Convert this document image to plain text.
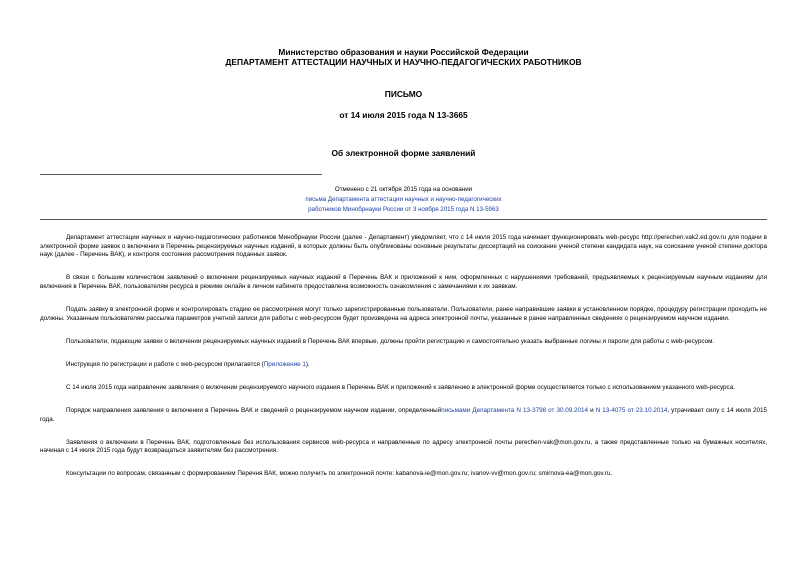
Министерство образования и науки Российской Федерации
ДЕПАРТАМЕНТ АТТЕСТАЦИИ НАУЧНЫХ И НАУЧНО-ПЕДАГОГИЧЕСКИХ РАБОТНИКОВ
ПИСЬМО
от 14 июля 2015 года N 13-3665
Об электронной форме заявлений
Отменено с 21 октября 2015 года на основании
письма Департамента аттестации научных и научно-педагогических
работников Минобрнауки России от 3 ноября 2015 года N 13-5963

Департамент аттестации научных и научно-педагогических работников Минобрнауки России (далее - Департамент) уведомляет, что с 14 июля 2015 года начинает функционировать web-ресурс http://perechen.vak2.ed.gov.ru для подачи в электронной форме заявок о включении в Перечень рецензируемых научных изданий, в которых должны быть опубликованы основные результаты диссертаций на соискание ученой степени кандидата наук, на соискание ученой степени доктора наук (далее - Перечень ВАК), и контроля состояния рассмотрения поданных заявок.

В связи с большим количеством заявлений о включении рецензируемых научных изданий в Перечень ВАК и приложений к ним, оформленных с нарушениями требований, предъявляемых к рецензируемым научным изданиям для включения в Перечень ВАК, пользователям ресурса в режиме онлайн в личном кабинете предоставлена возможность ознакомления с замечаниями к их заявкам.

Подать заявку в электронной форме и контролировать стадию ее рассмотрения могут только зарегистрированные пользователи. Пользователи, ранее направившие заявки в установленном порядке, процедуру регистрации проходить не должны. Указанным пользователям рассылка параметров учетной записи для работы с web-ресурсом будет произведена на адреса электронной почты, указанные в ранее направленных сведениях о рецензируемом научном издании.

Пользователи, подающие заявки о включении рецензируемых научных изданий в Перечень ВАК впервые, должны пройти регистрацию и самостоятельно указать выбранные логины и пароли для работы с web-ресурсом.

Инструкция по регистрации и работе с web-ресурсом прилагается (Приложение 1).

С 14 июля 2015 года направление заявления о включении рецензируемого научного издания в Перечень ВАК и приложений к заявлению в электронной форме осуществляется только с использованием указанного web-ресурса.

Порядок направления заявления о включении в Перечень ВАК и сведений о рецензируемом научном издании, определенныйписьмами Департамента N 13-3798 от 30.09.2014 и N 13-4075 от 23.10.2014, утрачивает силу с 14 июля 2015 года.

Заявления о включении в Перечень ВАК, подготовленные без использования сервисов web-ресурса и направленные по адресу электронной почты perechen-vak@mon.gov.ru, а также представленные только на бумажных носителях, начиная с 14 июля 2015 года будут возвращаться заявителям без рассмотрения.

Консультации по вопросам, связанным с формированием Перечня ВАК, можно получить по электронной почте: kabanova-ie@mon.gov.ru; ivanov-vv@mon.gov.ru; smirnova-ea@mon.gov.ru.
